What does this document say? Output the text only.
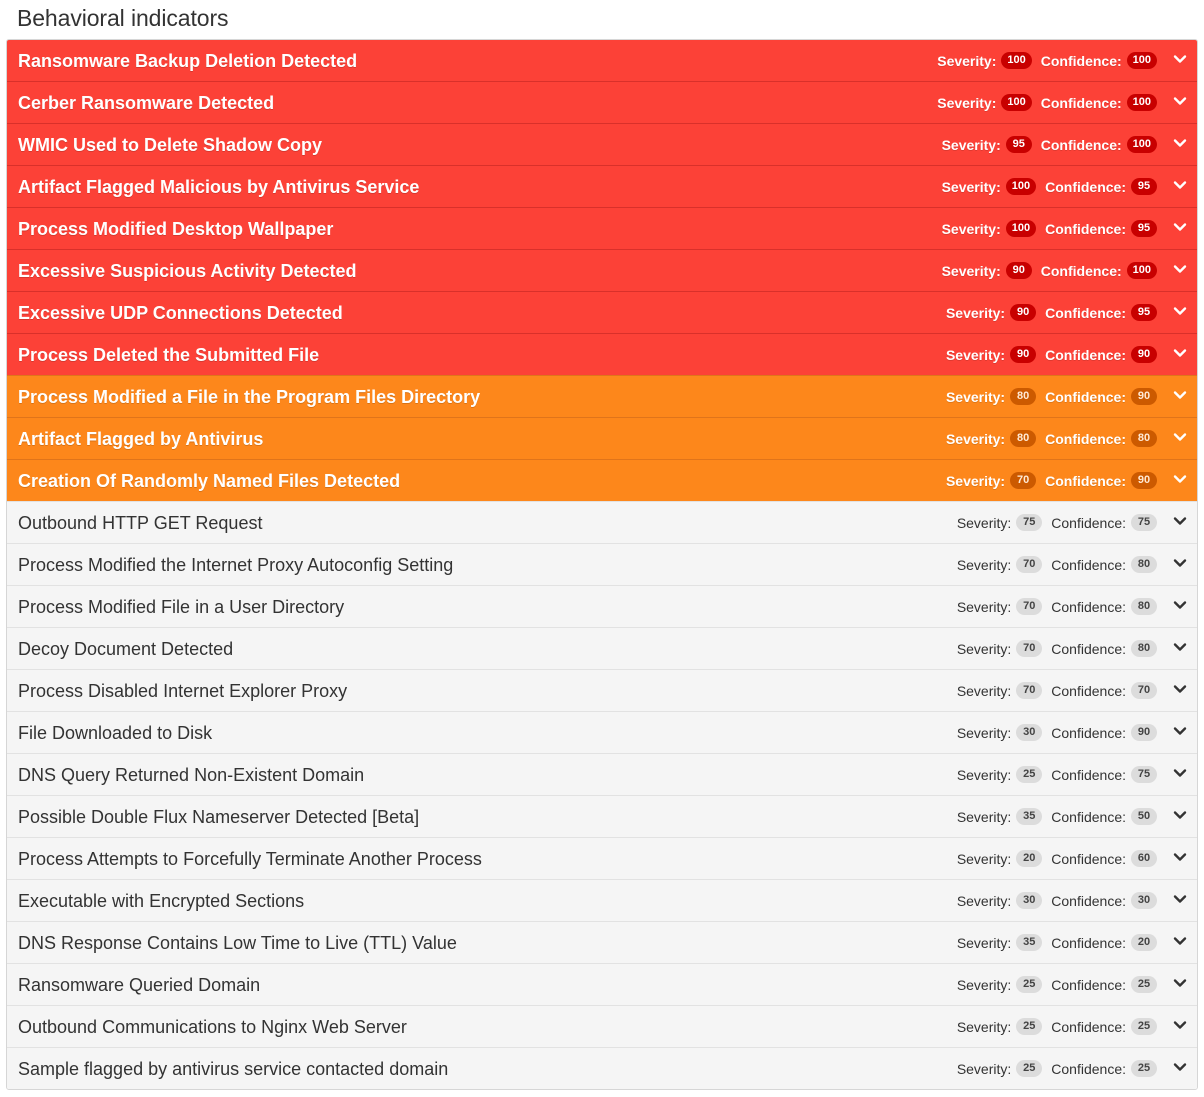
Behavioral indicators
Ransomware Backup Deletion Detected	Severity:	100	Confidence:	100
Cerber Ransomware Detected	Severity:	100	Confidence:	100
WMIC Used to Delete Shadow Copy	Severity:	95	Confidence:	100
Artifact Flagged Malicious by Antivirus Service	Severity:	100	Confidence:	95
Process Modified Desktop Wallpaper	Severity:	100	Confidence:	95
Excessive Suspicious Activity Detected	Severity:	90	Confidence:	100
Excessive UDP Connections Detected	Severity:	90	Confidence:	95
Process Deleted the Submitted File	Severity:	90	Confidence:	90
Process Modified a File in the Program Files Directory	Severity:	80	Confidence:	90
Artifact Flagged by Antivirus	Severity:	80	Confidence:	80
Creation Of Randomly Named Files Detected	Severity:	70	Confidence:	90
Outbound HTTP GET Request	Severity:	75	Confidence:	75
Process Modified the Internet Proxy Autoconfig Setting	Severity:	70	Confidence:	80
Process Modified File in a User Directory	Severity:	70	Confidence:	80
Decoy Document Detected	Severity:	70	Confidence:	80
Process Disabled Internet Explorer Proxy	Severity:	70	Confidence:	70
File Downloaded to Disk	Severity:	30	Confidence:	90
DNS Query Returned Non-Existent Domain	Severity:	25	Confidence:	75
Possible Double Flux Nameserver Detected [Beta]	Severity:	35	Confidence:	50
Process Attempts to Forcefully Terminate Another Process	Severity:	20	Confidence:	60
Executable with Encrypted Sections	Severity:	30	Confidence:	30
DNS Response Contains Low Time to Live (TTL) Value	Severity:	35	Confidence:	20
Ransomware Queried Domain	Severity:	25	Confidence:	25
Outbound Communications to Nginx Web Server	Severity:	25	Confidence:	25
Sample flagged by antivirus service contacted domain	Severity:	25	Confidence:	25
